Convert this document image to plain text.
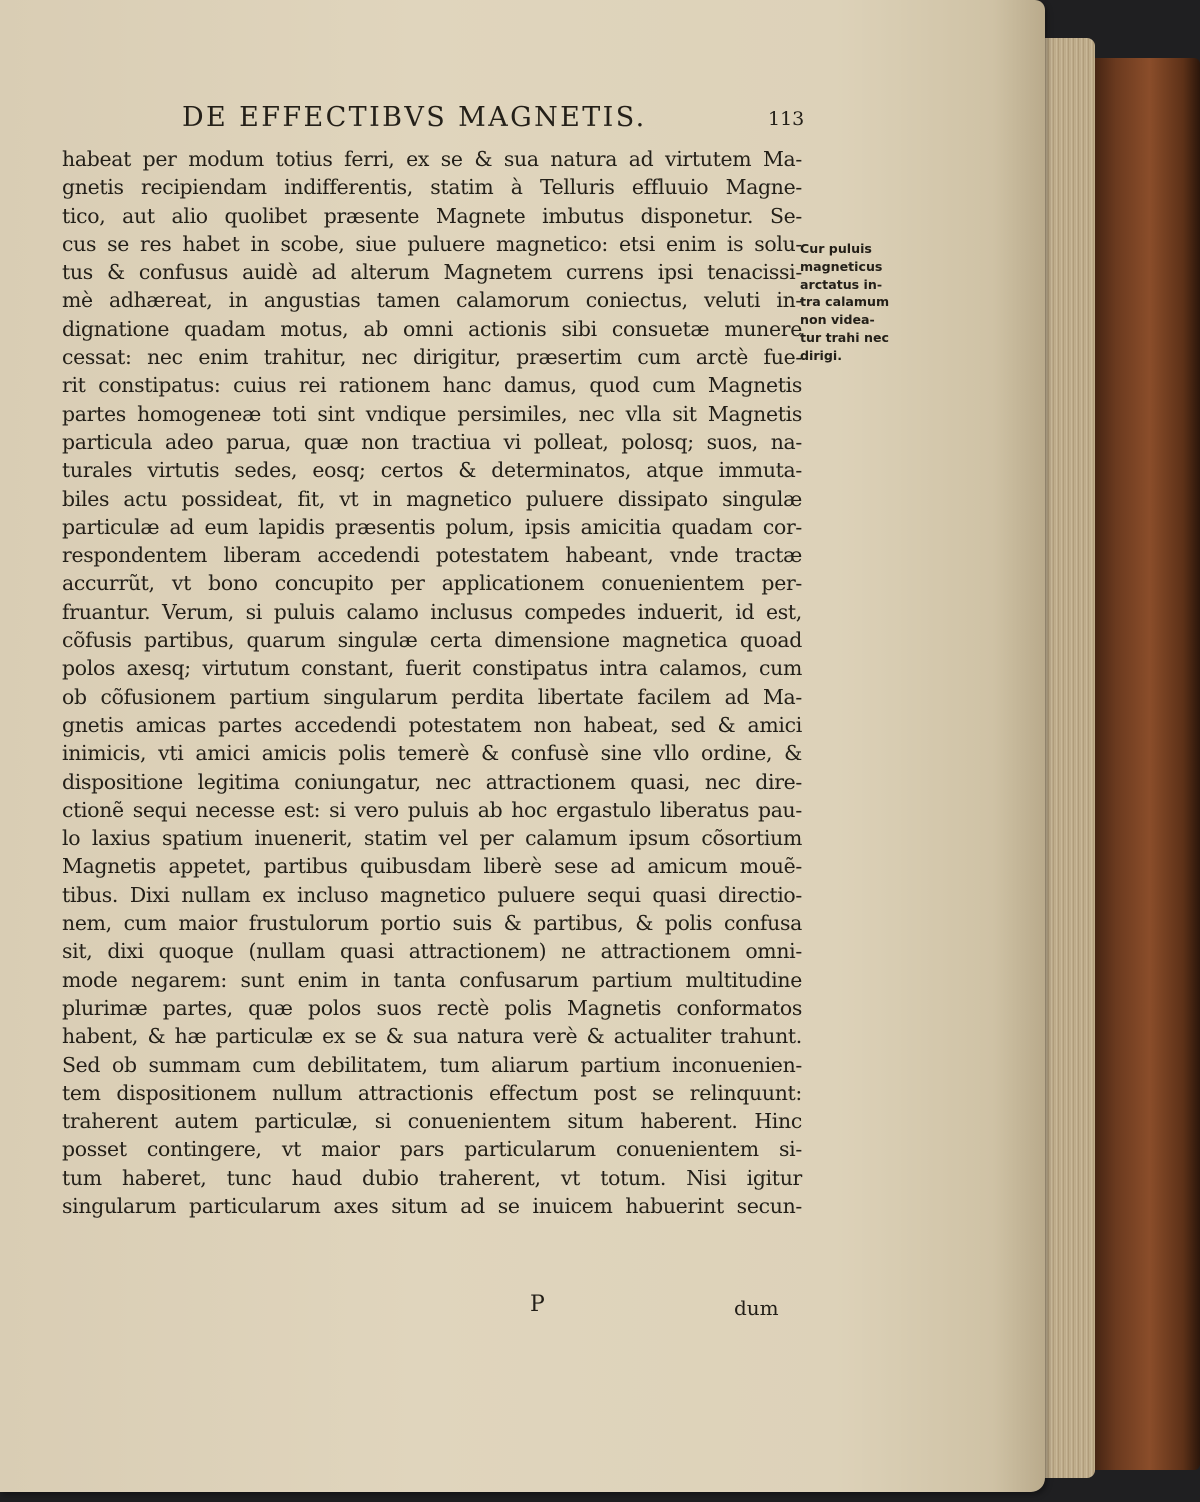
DE EFFECTIBVS MAGNETIS.	113
habeat per modum totius ferri, ex se & sua natura ad virtutem Ma-
gnetis recipiendam indifferentis, statim à Telluris effluuio Magne-
tico, aut alio quolibet præsente Magnete imbutus disponetur. Se-
cus se res habet in scobe, siue puluere magnetico: etsi enim is solu-
tus & confusus auidè ad alterum Magnetem currens ipsi tenacissi-
mè adhæreat, in angustias tamen calamorum coniectus, veluti in-
dignatione quadam motus, ab omni actionis sibi consuetæ munere
cessat: nec enim trahitur, nec dirigitur, præsertim cum arctè fue-
rit constipatus: cuius rei rationem hanc damus, quod cum Magnetis
partes homogeneæ toti sint vndique persimiles, nec vlla sit Magnetis
particula adeo parua, quæ non tractiua vi polleat, polosq; suos, na-
turales virtutis sedes, eosq; certos & determinatos, atque immuta-
biles actu possideat, fit, vt in magnetico puluere dissipato singulæ
particulæ ad eum lapidis præsentis polum, ipsis amicitia quadam cor-
respondentem liberam accedendi potestatem habeant, vnde tractæ
accurrũt, vt bono concupito per applicationem conuenientem per-
fruantur. Verum, si puluis calamo inclusus compedes induerit, id est,
cõfusis partibus, quarum singulæ certa dimensione magnetica quoad
polos axesq; virtutum constant, fuerit constipatus intra calamos, cum
ob cõfusionem partium singularum perdita libertate facilem ad Ma-
gnetis amicas partes accedendi potestatem non habeat, sed & amici
inimicis, vti amici amicis polis temerè & confusè sine vllo ordine, &
dispositione legitima coniungatur, nec attractionem quasi, nec dire-
ctionẽ sequi necesse est: si vero puluis ab hoc ergastulo liberatus pau-
lo laxius spatium inuenerit, statim vel per calamum ipsum cõsortium
Magnetis appetet, partibus quibusdam liberè sese ad amicum mouẽ-
tibus. Dixi nullam ex incluso magnetico puluere sequi quasi directio-
nem, cum maior frustulorum portio suis & partibus, & polis confusa
sit, dixi quoque (nullam quasi attractionem) ne attractionem omni-
mode negarem: sunt enim in tanta confusarum partium multitudine
plurimæ partes, quæ polos suos rectè polis Magnetis conformatos
habent, & hæ particulæ ex se & sua natura verè & actualiter trahunt.
Sed ob summam cum debilitatem, tum aliarum partium inconuenien-
tem dispositionem nullum attractionis effectum post se relinquunt:
traherent autem particulæ, si conuenientem situm haberent. Hinc
posset contingere, vt maior pars particularum conuenientem si-
tum haberet, tunc haud dubio traherent, vt totum. Nisi igitur
singularum particularum axes situm ad se inuicem habuerint secun-
Cur puluis
magneticus
arctatus in-
tra calamum
non videa-
tur trahi nec
dirigi.
P	dum
